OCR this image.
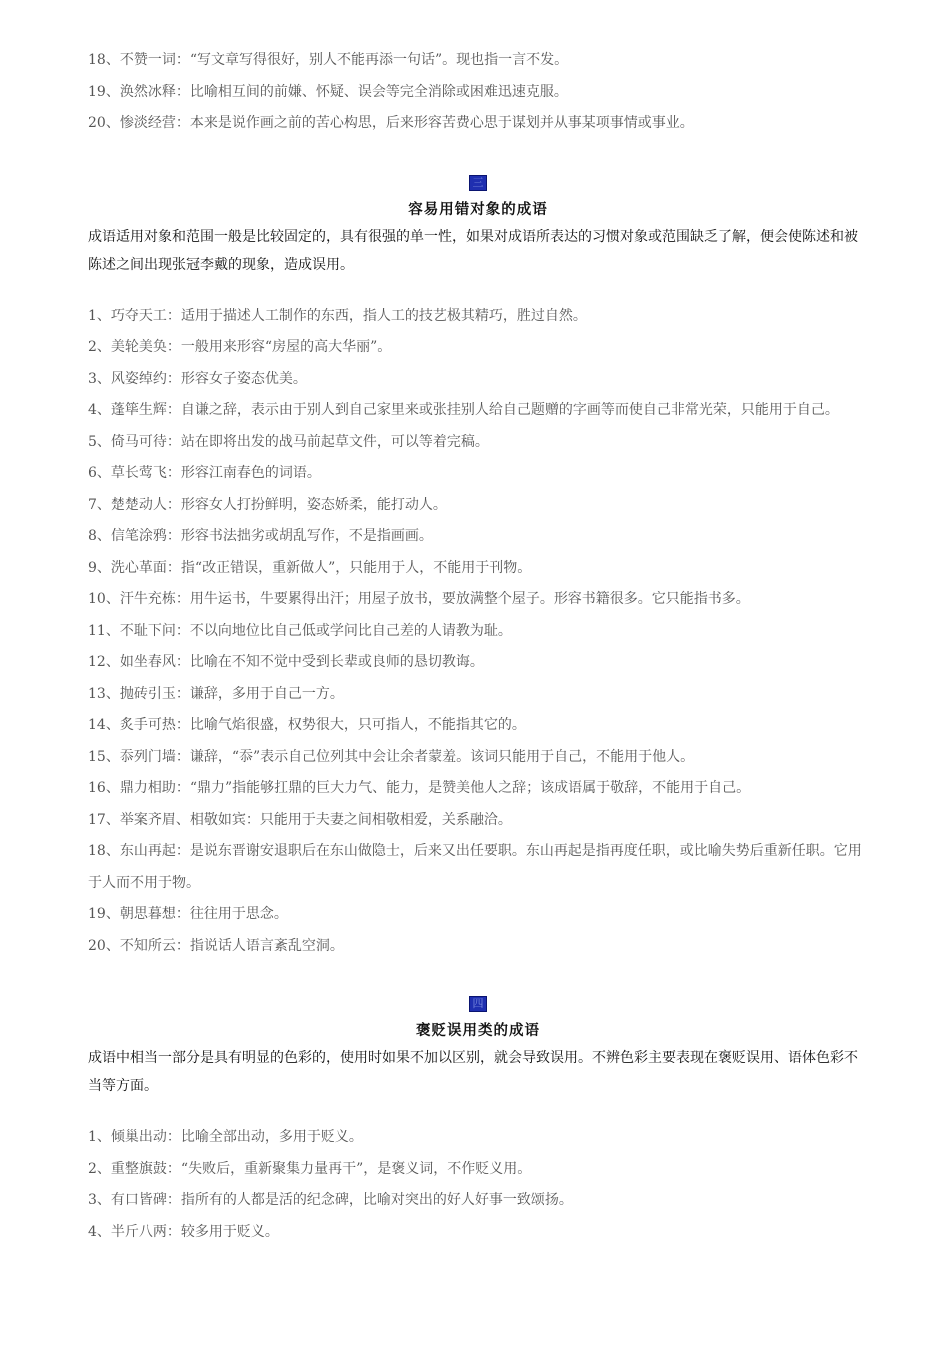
18、不赞一词：“写文章写得很好，别人不能再添一句话”。现也指一言不发。

19、涣然冰释：比喻相互间的前嫌、怀疑、误会等完全消除或困难迅速克服。

20、惨淡经营：本来是说作画之前的苦心构思，后来形容苦费心思于谋划并从事某项事情或事业。

三

容易用错对象的成语

成语适用对象和范围一般是比较固定的，具有很强的单一性，如果对成语所表达的习惯对象或范围缺乏了解，便会使陈述和被陈述之间出现张冠李戴的现象，造成误用。

1、巧夺天工：适用于描述人工制作的东西，指人工的技艺极其精巧，胜过自然。

2、美轮美奂：一般用来形容“房屋的高大华丽”。

3、风姿绰约：形容女子姿态优美。

4、蓬筚生辉：自谦之辞，表示由于别人到自己家里来或张挂别人给自己题赠的字画等而使自己非常光荣，只能用于自己。

5、倚马可待：站在即将出发的战马前起草文件，可以等着完稿。

6、草长莺飞：形容江南春色的词语。

7、楚楚动人：形容女人打扮鲜明，姿态娇柔，能打动人。

8、信笔涂鸦：形容书法拙劣或胡乱写作，不是指画画。

9、洗心革面：指“改正错误，重新做人”，只能用于人，不能用于刊物。

10、汗牛充栋：用牛运书，牛要累得出汗；用屋子放书，要放满整个屋子。形容书籍很多。它只能指书多。

11、不耻下问：不以向地位比自己低或学问比自己差的人请教为耻。

12、如坐春风：比喻在不知不觉中受到长辈或良师的恳切教诲。

13、抛砖引玉：谦辞，多用于自己一方。

14、炙手可热：比喻气焰很盛，权势很大，只可指人，不能指其它的。

15、忝列门墙：谦辞，“忝”表示自己位列其中会让余者蒙羞。该词只能用于自己，不能用于他人。

16、鼎力相助：“鼎力”指能够扛鼎的巨大力气、能力，是赞美他人之辞；该成语属于敬辞，不能用于自己。

17、举案齐眉、相敬如宾：只能用于夫妻之间相敬相爱，关系融洽。

18、东山再起：是说东晋谢安退职后在东山做隐士，后来又出任要职。东山再起是指再度任职，或比喻失势后重新任职。它用于人而不用于物。

19、朝思暮想：往往用于思念。

20、不知所云：指说话人语言紊乱空洞。

四

褒贬误用类的成语

成语中相当一部分是具有明显的色彩的，使用时如果不加以区别，就会导致误用。不辨色彩主要表现在褒贬误用、语体色彩不当等方面。

1、倾巢出动：比喻全部出动，多用于贬义。

2、重整旗鼓：“失败后，重新聚集力量再干”，是褒义词，不作贬义用。

3、有口皆碑：指所有的人都是活的纪念碑，比喻对突出的好人好事一致颂扬。

4、半斤八两：较多用于贬义。
